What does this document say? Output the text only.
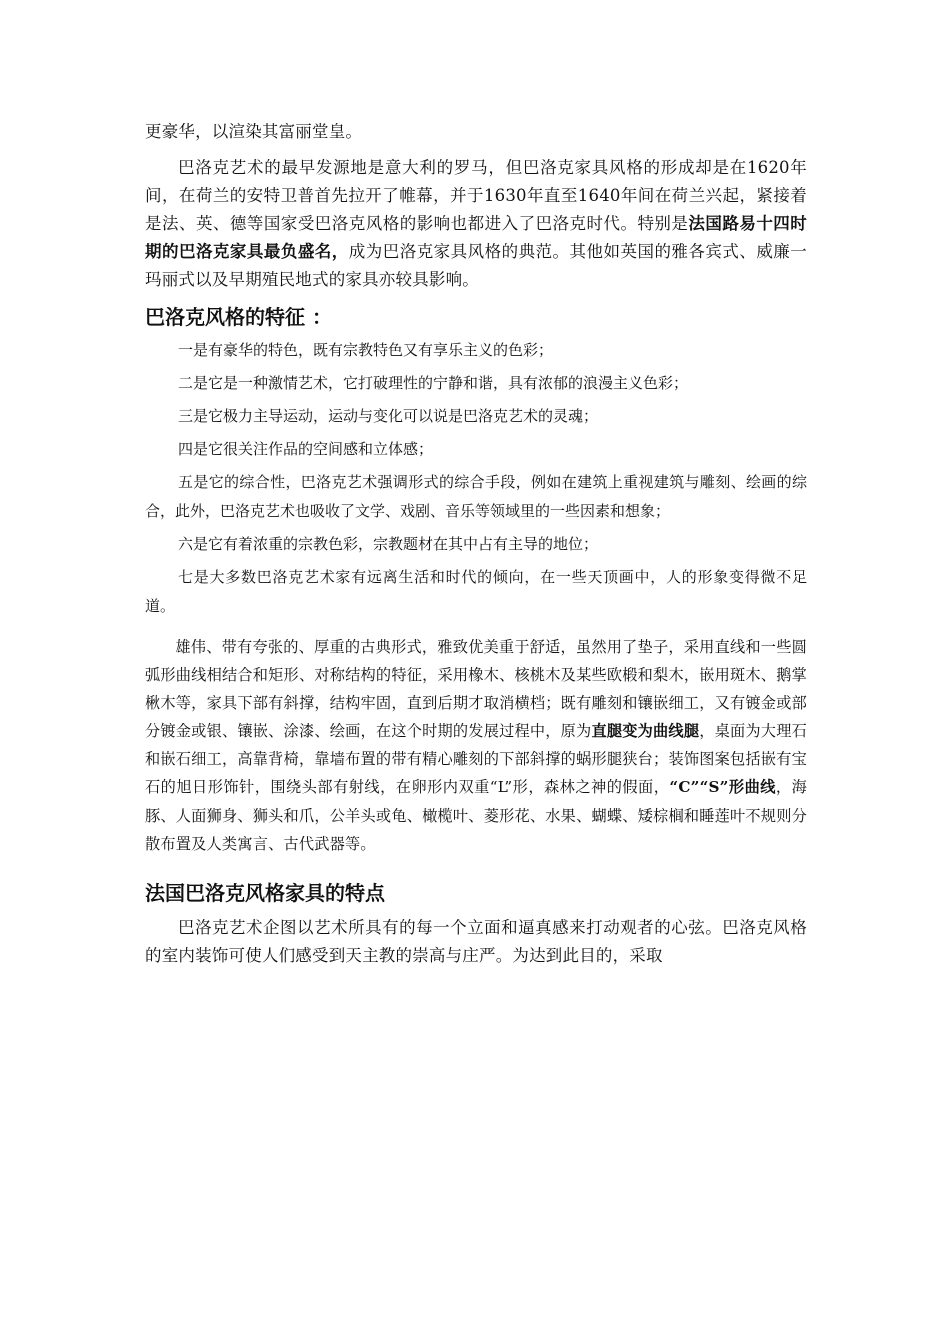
更豪华，以渲染其富丽堂皇。

巴洛克艺术的最早发源地是意大利的罗马，但巴洛克家具风格的形成却是在1620年间，在荷兰的安特卫普首先拉开了帷幕，并于1630年直至1640年间在荷兰兴起，紧接着是法、英、德等国家受巴洛克风格的影响也都进入了巴洛克时代。特别是法国路易十四时期的巴洛克家具最负盛名，成为巴洛克家具风格的典范。其他如英国的雅各宾式、威廉一玛丽式以及早期殖民地式的家具亦较具影响。

巴洛克风格的特征 ：

一是有豪华的特色，既有宗教特色又有享乐主义的色彩；

二是它是一种激情艺术，它打破理性的宁静和谐，具有浓郁的浪漫主义色彩；

三是它极力主导运动，运动与变化可以说是巴洛克艺术的灵魂；

四是它很关注作品的空间感和立体感；

五是它的综合性，巴洛克艺术强调形式的综合手段，例如在建筑上重视建筑与雕刻、绘画的综合，此外，巴洛克艺术也吸收了文学、戏剧、音乐等领域里的一些因素和想象；

六是它有着浓重的宗教色彩，宗教题材在其中占有主导的地位；

七是大多数巴洛克艺术家有远离生活和时代的倾向，在一些天顶画中，人的形象变得微不足道。

雄伟、带有夸张的、厚重的古典形式，雅致优美重于舒适，虽然用了垫子，采用直线和一些圆弧形曲线相结合和矩形、对称结构的特征，采用橡木、核桃木及某些欧椴和梨木，嵌用斑木、鹅掌楸木等，家具下部有斜撑，结构牢固，直到后期才取消横档；既有雕刻和镶嵌细工，又有镀金或部分镀金或银、镶嵌、涂漆、绘画，在这个时期的发展过程中，原为直腿变为曲线腿，桌面为大理石和嵌石细工，高靠背椅，靠墙布置的带有精心雕刻的下部斜撑的蜗形腿狭台；装饰图案包括嵌有宝石的旭日形饰针，围绕头部有射线，在卵形内双重“L”形，森林之神的假面，“C”“S”形曲线，海豚、人面狮身、狮头和爪，公羊头或龟、橄榄叶、菱形花、水果、蝴蝶、矮棕榈和睡莲叶不规则分散布置及人类寓言、古代武器等。

法国巴洛克风格家具的特点

巴洛克艺术企图以艺术所具有的每一个立面和逼真感来打动观者的心弦。巴洛克风格的室内装饰可使人们感受到天主教的崇高与庄严。为达到此目的，采取
